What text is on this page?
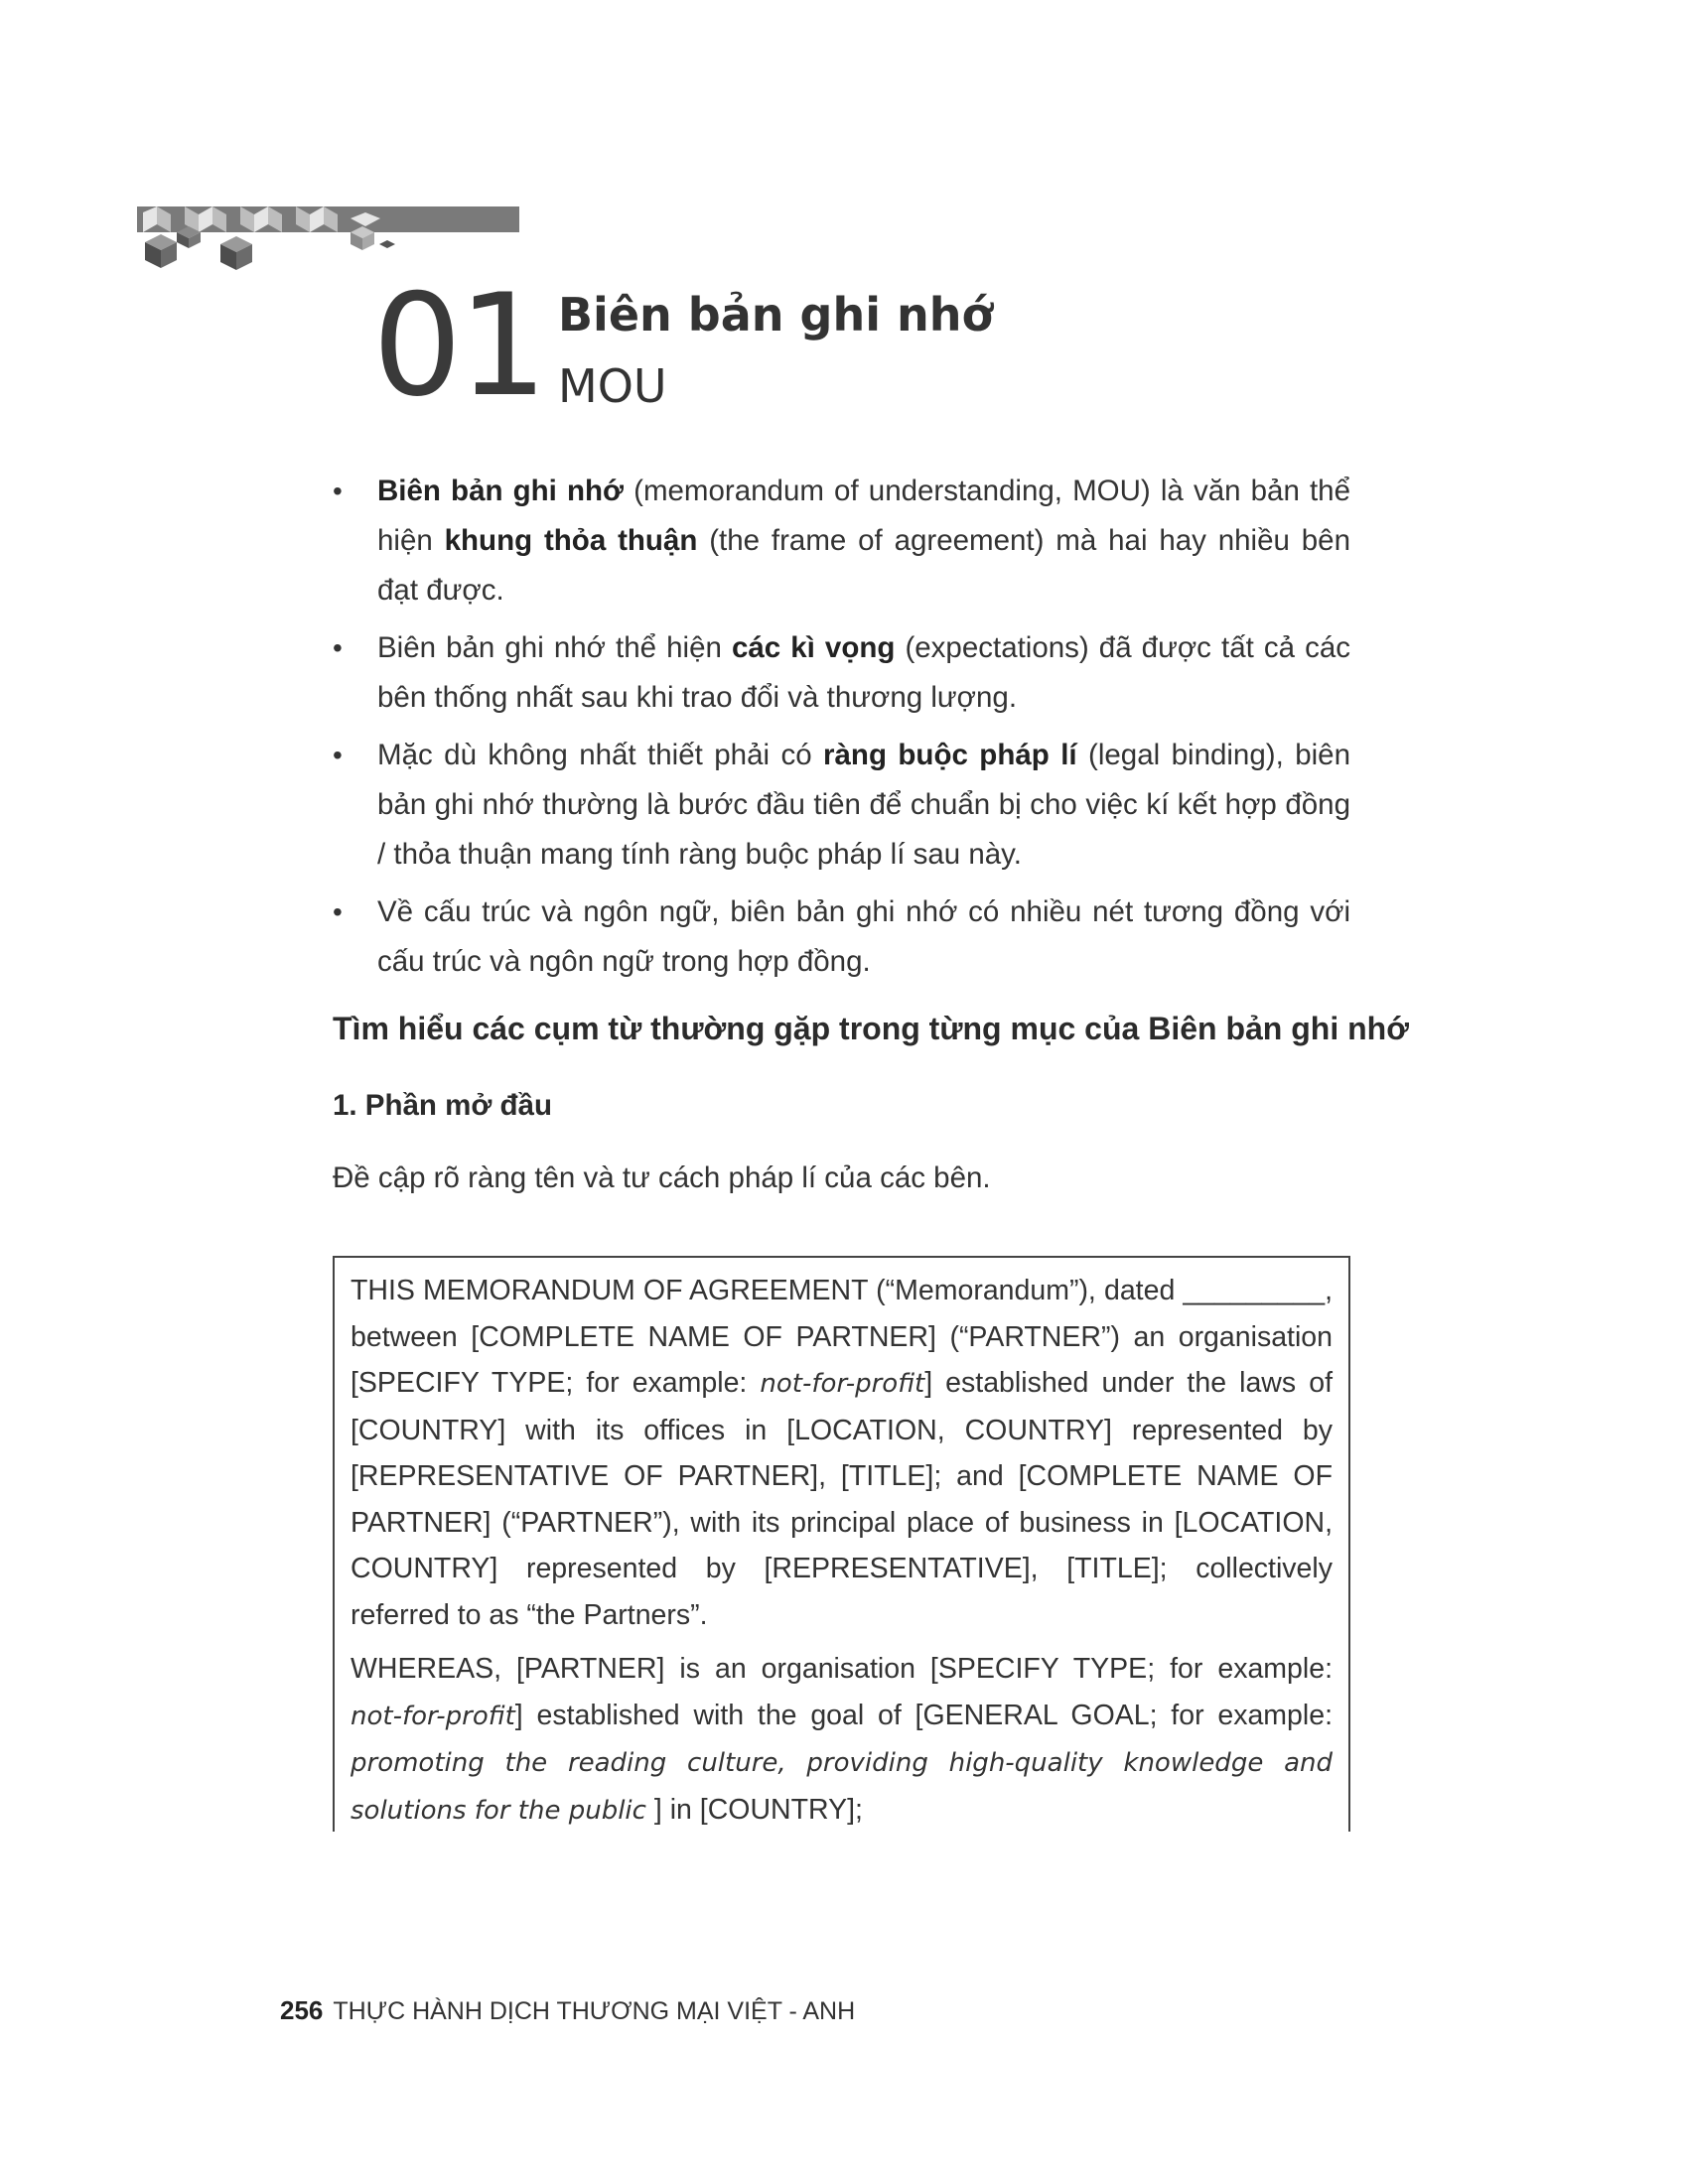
01 Biên bản ghi nhớ
MOU
• Biên bản ghi nhớ (memorandum of understanding, MOU) là văn bản thể hiện khung thỏa thuận (the frame of agreement) mà hai hay nhiều bên đạt được.
• Biên bản ghi nhớ thể hiện các kì vọng (expectations) đã được tất cả các bên thống nhất sau khi trao đổi và thương lượng.
• Mặc dù không nhất thiết phải có ràng buộc pháp lí (legal binding), biên bản ghi nhớ thường là bước đầu tiên để chuẩn bị cho việc kí kết hợp đồng / thỏa thuận mang tính ràng buộc pháp lí sau này.
• Về cấu trúc và ngôn ngữ, biên bản ghi nhớ có nhiều nét tương đồng với cấu trúc và ngôn ngữ trong hợp đồng.
Tìm hiểu các cụm từ thường gặp trong từng mục của Biên bản ghi nhớ
1. Phần mở đầu
Đề cập rõ ràng tên và tư cách pháp lí của các bên.

THIS MEMORANDUM OF AGREEMENT (“Memorandum”), dated _________, between [COMPLETE NAME OF PARTNER] (“PARTNER”) an organisation [SPECIFY TYPE; for example: not-for-profit] established under the laws of [COUNTRY] with its offices in [LOCATION, COUNTRY] represented by [REPRESENTATIVE OF PARTNER], [TITLE]; and [COMPLETE NAME OF PARTNER] (“PARTNER”), with its principal place of business in [LOCATION, COUNTRY] represented by [REPRESENTATIVE], [TITLE]; collectively referred to as “the Partners”.

WHEREAS, [PARTNER] is an organisation [SPECIFY TYPE; for example: not-for-profit] established with the goal of [GENERAL GOAL; for example: promoting the reading culture, providing high-quality knowledge and solutions for the public ] in [COUNTRY];

256 THỰC HÀNH DỊCH THƯƠNG MẠI VIỆT - ANH
